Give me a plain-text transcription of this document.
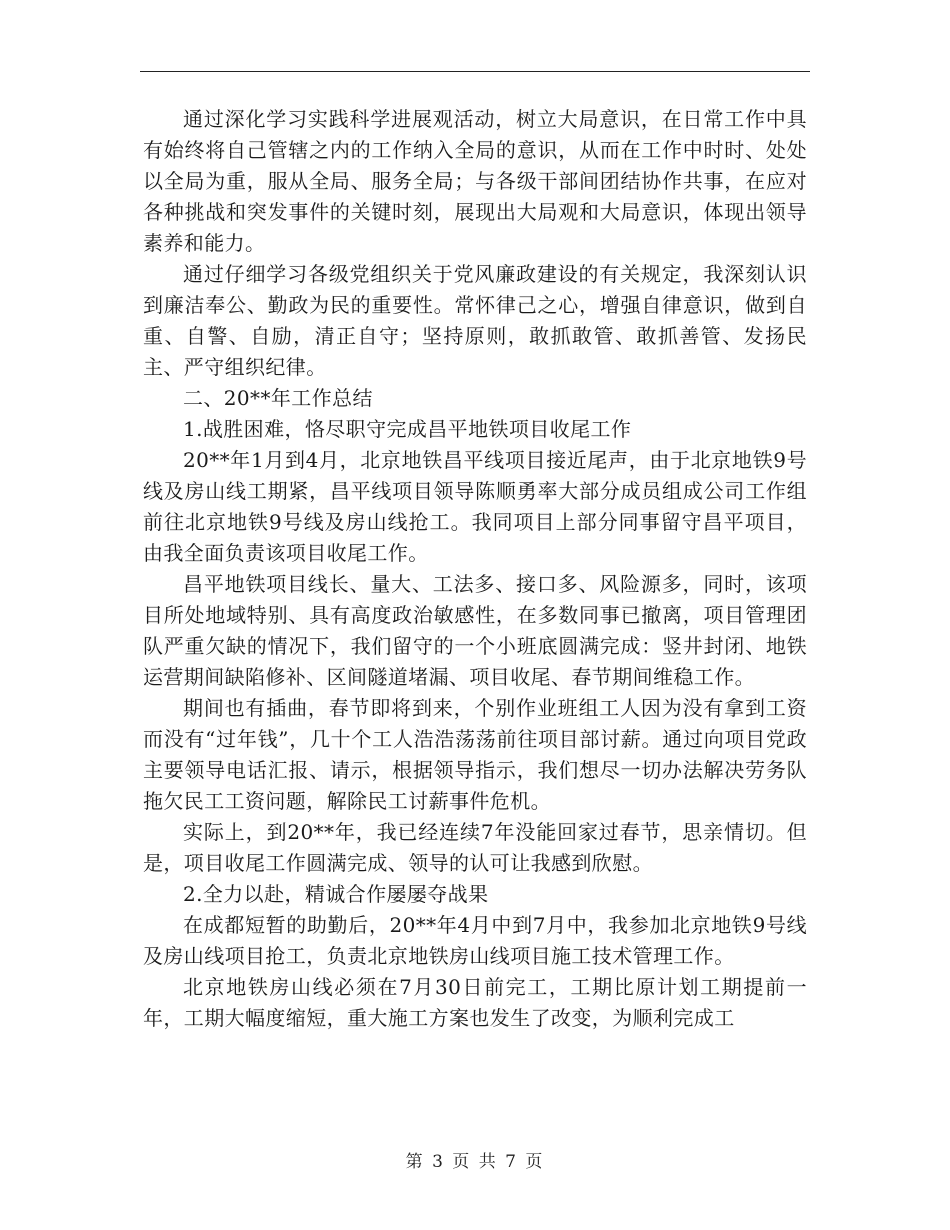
通过深化学习实践科学进展观活动，树立大局意识，在日常工作中具有始终将自己管辖之内的工作纳入全局的意识，从而在工作中时时、处处以全局为重，服从全局、服务全局；与各级干部间团结协作共事，在应对各种挑战和突发事件的关键时刻，展现出大局观和大局意识，体现出领导素养和能力。

通过仔细学习各级党组织关于党风廉政建设的有关规定，我深刻认识到廉洁奉公、勤政为民的重要性。常怀律己之心，增强自律意识，做到自重、自警、自励，清正自守；坚持原则，敢抓敢管、敢抓善管、发扬民主、严守组织纪律。

二、20**年工作总结

1.战胜困难，恪尽职守完成昌平地铁项目收尾工作

20**年1月到4月，北京地铁昌平线项目接近尾声，由于北京地铁9号线及房山线工期紧，昌平线项目领导陈顺勇率大部分成员组成公司工作组前往北京地铁9号线及房山线抢工。我同项目上部分同事留守昌平项目，由我全面负责该项目收尾工作。

昌平地铁项目线长、量大、工法多、接口多、风险源多，同时，该项目所处地域特别、具有高度政治敏感性，在多数同事已撤离，项目管理团队严重欠缺的情况下，我们留守的一个小班底圆满完成：竖井封闭、地铁运营期间缺陷修补、区间隧道堵漏、项目收尾、春节期间维稳工作。

期间也有插曲，春节即将到来，个别作业班组工人因为没有拿到工资而没有“过年钱”，几十个工人浩浩荡荡前往项目部讨薪。通过向项目党政主要领导电话汇报、请示，根据领导指示，我们想尽一切办法解决劳务队拖欠民工工资问题，解除民工讨薪事件危机。

实际上，到20**年，我已经连续7年没能回家过春节，思亲情切。但是，项目收尾工作圆满完成、领导的认可让我感到欣慰。

2.全力以赴，精诚合作屡屡夺战果

在成都短暂的助勤后，20**年4月中到7月中，我参加北京地铁9号线及房山线项目抢工，负责北京地铁房山线项目施工技术管理工作。

北京地铁房山线必须在7月30日前完工，工期比原计划工期提前一年，工期大幅度缩短，重大施工方案也发生了改变，为顺利完成工

第 3 页 共 7 页
